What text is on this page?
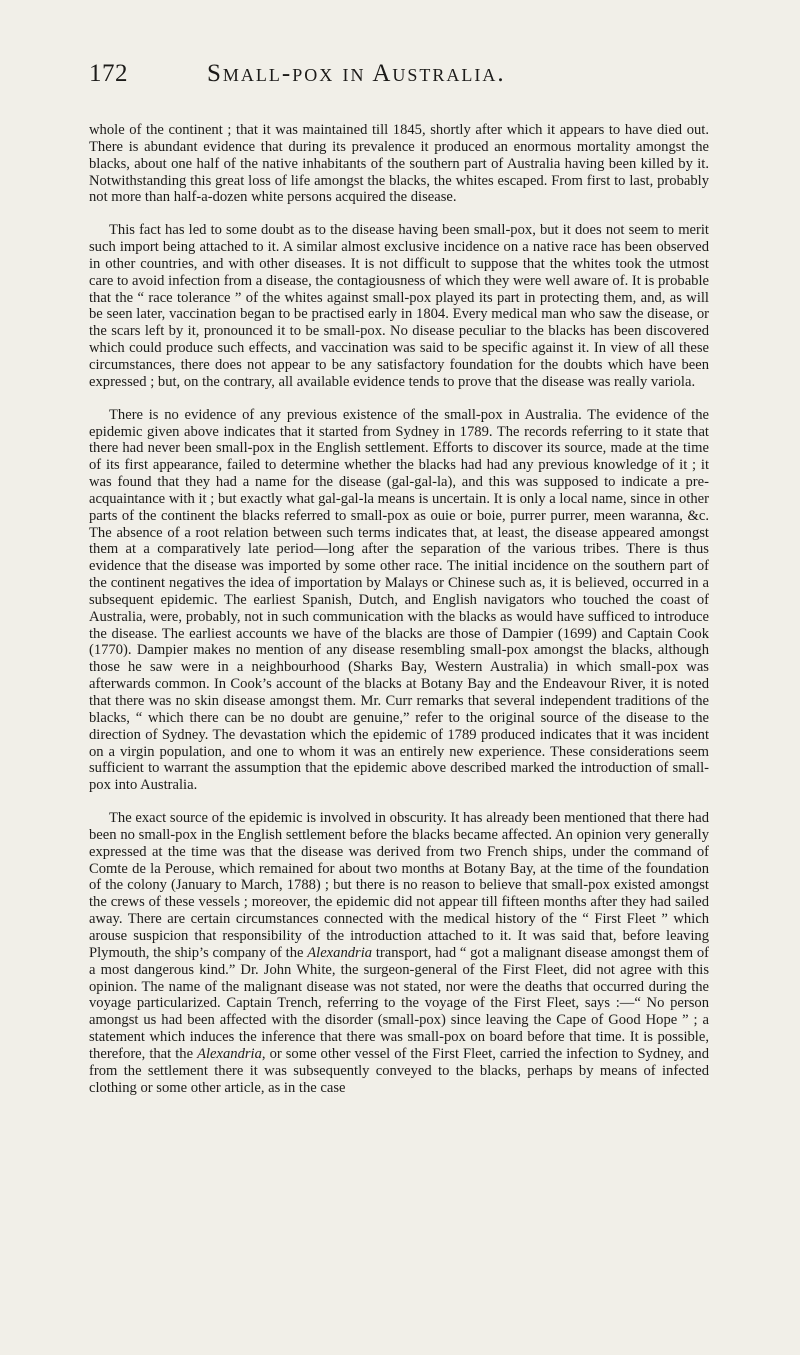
172	Small-pox in Australia.

whole of the continent ; that it was maintained till 1845, shortly after which it appears to have died out. There is abundant evidence that during its prevalence it produced an enormous mortality amongst the blacks, about one half of the native inhabitants of the southern part of Australia having been killed by it. Notwithstanding this great loss of life amongst the blacks, the whites escaped. From first to last, probably not more than half-a-dozen white persons acquired the disease.

This fact has led to some doubt as to the disease having been small-pox, but it does not seem to merit such import being attached to it. A similar almost exclusive incidence on a native race has been observed in other countries, and with other diseases. It is not difficult to suppose that the whites took the utmost care to avoid infection from a disease, the contagiousness of which they were well aware of. It is probable that the “ race tolerance ” of the whites against small-pox played its part in protecting them, and, as will be seen later, vaccination began to be practised early in 1804. Every medical man who saw the disease, or the scars left by it, pronounced it to be small-pox. No disease peculiar to the blacks has been discovered which could produce such effects, and vaccination was said to be specific against it. In view of all these circumstances, there does not appear to be any satisfactory foundation for the doubts which have been expressed ; but, on the contrary, all available evidence tends to prove that the disease was really variola.

There is no evidence of any previous existence of the small-pox in Australia. The evidence of the epidemic given above indicates that it started from Sydney in 1789. The records referring to it state that there had never been small-pox in the English settlement. Efforts to discover its source, made at the time of its first appearance, failed to determine whether the blacks had had any previous knowledge of it ; it was found that they had a name for the disease (gal-gal-la), and this was supposed to indicate a pre-acquaintance with it ; but exactly what gal-gal-la means is uncertain. It is only a local name, since in other parts of the continent the blacks referred to small-pox as ouie or boie, purrer purrer, meen waranna, &c. The absence of a root relation between such terms indicates that, at least, the disease appeared amongst them at a comparatively late period—long after the separation of the various tribes. There is thus evidence that the disease was imported by some other race. The initial incidence on the southern part of the continent negatives the idea of importation by Malays or Chinese such as, it is believed, occurred in a subsequent epidemic. The earliest Spanish, Dutch, and English navigators who touched the coast of Australia, were, probably, not in such communication with the blacks as would have sufficed to introduce the disease. The earliest accounts we have of the blacks are those of Dampier (1699) and Captain Cook (1770). Dampier makes no mention of any disease resembling small-pox amongst the blacks, although those he saw were in a neighbourhood (Sharks Bay, Western Australia) in which small-pox was afterwards common. In Cook’s account of the blacks at Botany Bay and the Endeavour River, it is noted that there was no skin disease amongst them. Mr. Curr remarks that several independent traditions of the blacks, “ which there can be no doubt are genuine,” refer to the original source of the disease to the direction of Sydney. The devastation which the epidemic of 1789 produced indicates that it was incident on a virgin population, and one to whom it was an entirely new experience. These considerations seem sufficient to warrant the assumption that the epidemic above described marked the introduction of small-pox into Australia.

The exact source of the epidemic is involved in obscurity. It has already been mentioned that there had been no small-pox in the English settlement before the blacks became affected. An opinion very generally expressed at the time was that the disease was derived from two French ships, under the command of Comte de la Perouse, which remained for about two months at Botany Bay, at the time of the foundation of the colony (January to March, 1788) ; but there is no reason to believe that small-pox existed amongst the crews of these vessels ; moreover, the epidemic did not appear till fifteen months after they had sailed away. There are certain circumstances connected with the medical history of the “ First Fleet ” which arouse suspicion that responsibility of the introduction attached to it. It was said that, before leaving Plymouth, the ship’s company of the Alexandria transport, had “ got a malignant disease amongst them of a most dangerous kind.” Dr. John White, the surgeon-general of the First Fleet, did not agree with this opinion. The name of the malignant disease was not stated, nor were the deaths that occurred during the voyage particularized. Captain Trench, referring to the voyage of the First Fleet, says :—“ No person amongst us had been affected with the disorder (small-pox) since leaving the Cape of Good Hope ” ; a statement which induces the inference that there was small-pox on board before that time. It is possible, therefore, that the Alexandria, or some other vessel of the First Fleet, carried the infection to Sydney, and from the settlement there it was subsequently conveyed to the blacks, perhaps by means of infected clothing or some other article, as in the case
